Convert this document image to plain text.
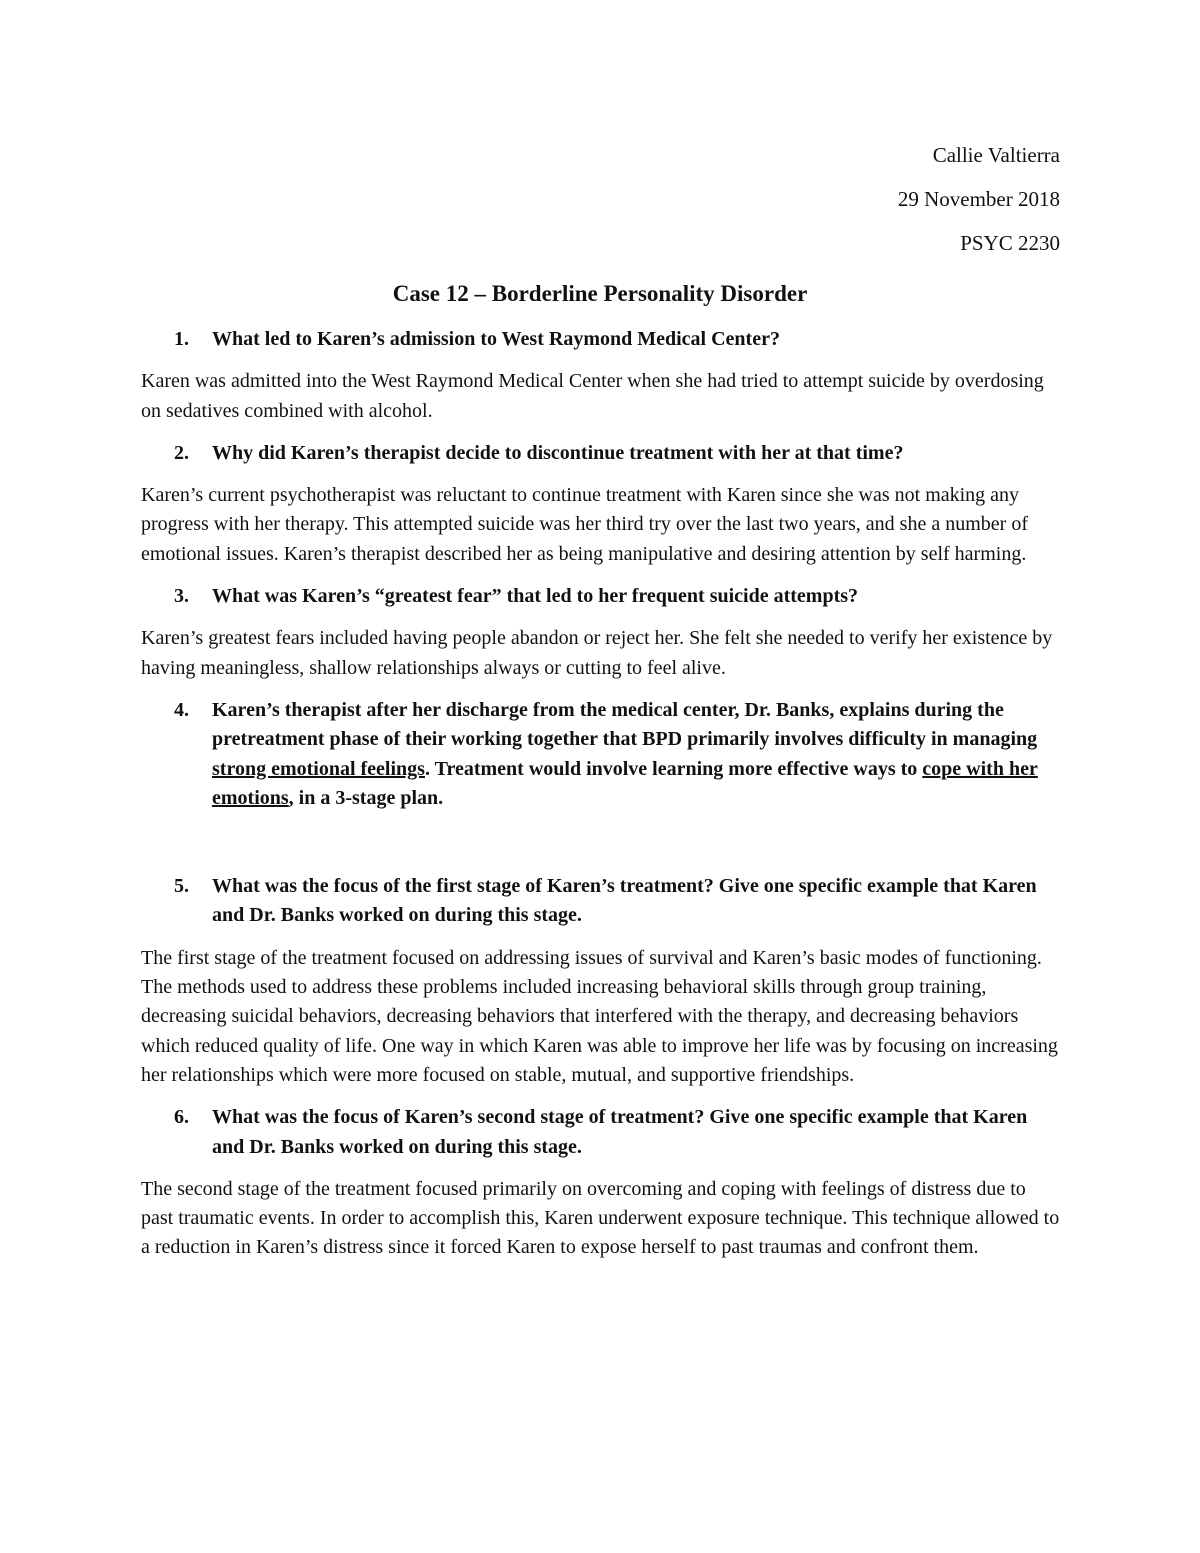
Callie Valtierra
29 November 2018
PSYC 2230
Case 12 – Borderline Personality Disorder
1. What led to Karen’s admission to West Raymond Medical Center?
Karen was admitted into the West Raymond Medical Center when she had tried to attempt suicide by overdosing on sedatives combined with alcohol.
2. Why did Karen’s therapist decide to discontinue treatment with her at that time?
Karen’s current psychotherapist was reluctant to continue treatment with Karen since she was not making any progress with her therapy. This attempted suicide was her third try over the last two years, and she a number of emotional issues. Karen’s therapist described her as being manipulative and desiring attention by self harming.
3. What was Karen’s “greatest fear” that led to her frequent suicide attempts?
Karen’s greatest fears included having people abandon or reject her. She felt she needed to verify her existence by having meaningless, shallow relationships always or cutting to feel alive.
4. Karen’s therapist after her discharge from the medical center, Dr. Banks, explains during the pretreatment phase of their working together that BPD primarily involves difficulty in managing strong emotional feelings. Treatment would involve learning more effective ways to cope with her emotions, in a 3-stage plan.
5. What was the focus of the first stage of Karen’s treatment? Give one specific example that Karen and Dr. Banks worked on during this stage.
The first stage of the treatment focused on addressing issues of survival and Karen’s basic modes of functioning. The methods used to address these problems included increasing behavioral skills through group training, decreasing suicidal behaviors, decreasing behaviors that interfered with the therapy, and decreasing behaviors which reduced quality of life. One way in which Karen was able to improve her life was by focusing on increasing her relationships which were more focused on stable, mutual, and supportive friendships.
6. What was the focus of Karen’s second stage of treatment? Give one specific example that Karen and Dr. Banks worked on during this stage.
The second stage of the treatment focused primarily on overcoming and coping with feelings of distress due to past traumatic events. In order to accomplish this, Karen underwent exposure technique. This technique allowed to a reduction in Karen’s distress since it forced Karen to expose herself to past traumas and confront them.
